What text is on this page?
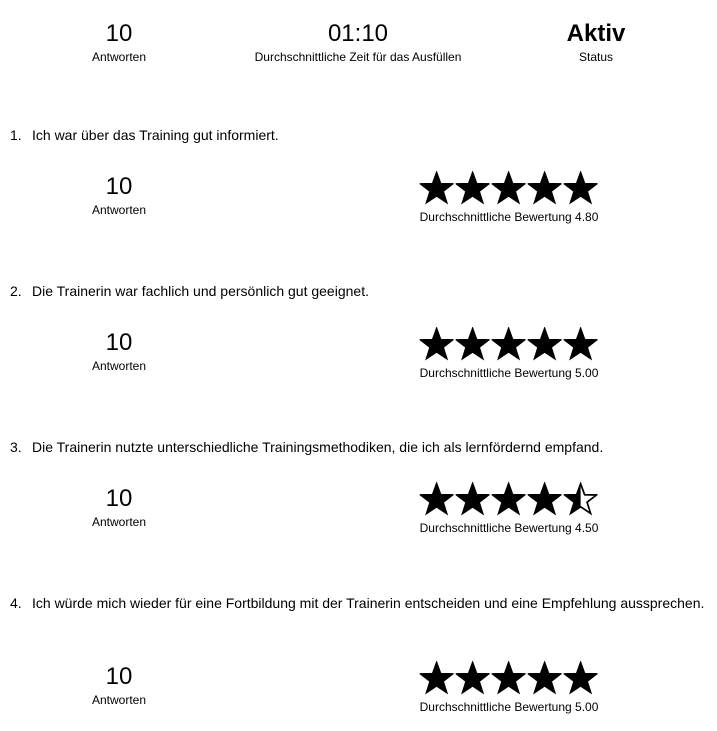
10
Antworten
01:10
Durchschnittliche Zeit für das Ausfüllen
Aktiv
Status
1. Ich war über das Training gut informiert.
10
Antworten	Durchschnittliche Bewertung 4.80
2. Die Trainerin war fachlich und persönlich gut geeignet.
10
Antworten	Durchschnittliche Bewertung 5.00
3. Die Trainerin nutzte unterschiedliche Trainingsmethodiken, die ich als lernfördernd empfand.
10
Antworten	Durchschnittliche Bewertung 4.50
4. Ich würde mich wieder für eine Fortbildung mit der Trainerin entscheiden und eine Empfehlung aussprechen.
10
Antworten	Durchschnittliche Bewertung 5.00
